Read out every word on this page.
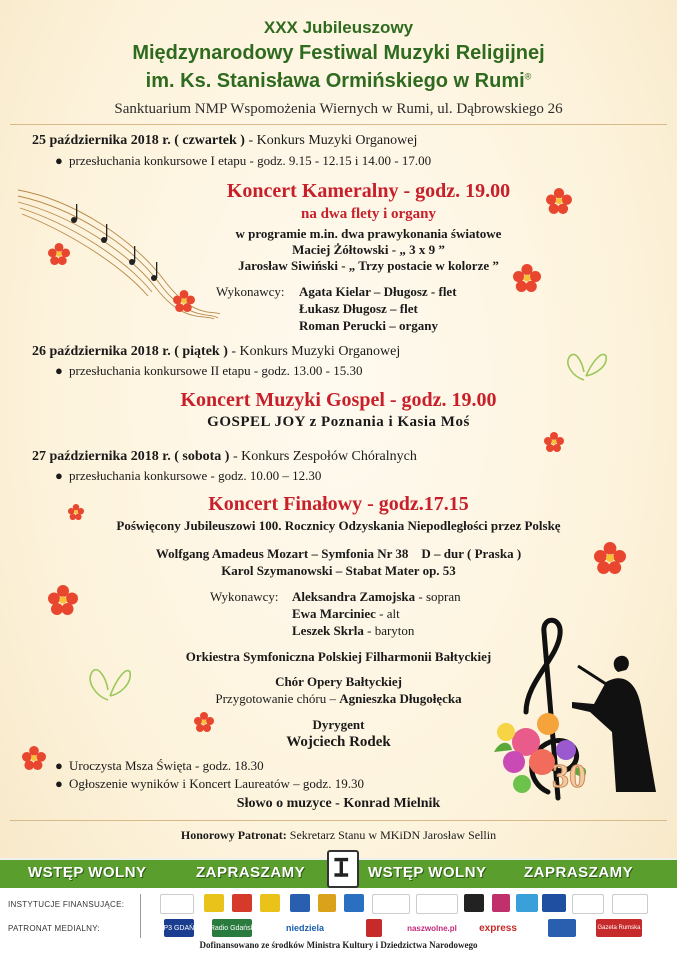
XXX Jubileuszowy
Międzynarodowy Festiwal Muzyki Religijnej
im. Ks. Stanisława Ormińskiego w Rumi®
Sanktuarium NMP Wspomożenia Wiernych w Rumi, ul. Dąbrowskiego 26
25 października 2018 r. ( czwartek ) - Konkurs Muzyki Organowej
● przesłuchania konkursowe I etapu - godz. 9.15 - 12.15 i 14.00 - 17.00
Koncert Kameralny - godz. 19.00
na dwa flety i organy
w programie m.in. dwa prawykonania światowe
Maciej Żółtowski - „ 3 x 9 ”
Jarosław Siwiński - „ Trzy postacie w kolorze ”
Wykonawcy: Agata Kielar – Długosz - flet
Łukasz Długosz – flet
Roman Perucki – organy
26 października 2018 r. ( piątek ) - Konkurs Muzyki Organowej
● przesłuchania konkursowe II etapu - godz. 13.00 - 15.30
Koncert Muzyki Gospel - godz. 19.00
GOSPEL JOY z Poznania i Kasia Moś
27 października 2018 r. ( sobota ) - Konkurs Zespołów Chóralnych
● przesłuchania konkursowe - godz. 10.00 – 12.30
Koncert Finałowy - godz.17.15
Poświęcony Jubileuszowi 100. Rocznicy Odzyskania Niepodległości przez Polskę
Wolfgang Amadeus Mozart – Symfonia Nr 38    D – dur ( Praska )
Karol Szymanowski – Stabat Mater op. 53
Wykonawcy: Aleksandra Zamojska - sopran
Ewa Marciniec - alt
Leszek Skrla - baryton
Orkiestra Symfoniczna Polskiej Filharmonii Bałtyckiej
Chór Opery Bałtyckiej
Przygotowanie chóru – Agnieszka Długołęcka
Dyrygent
Wojciech Rodek
● Uroczysta Msza Święta - godz. 18.30
● Ogłoszenie wyników i Koncert Laureatów – godz. 19.30
Słowo o muzyce - Konrad Mielnik
Honorowy Patronat: Sekretarz Stanu w MKiDN Jarosław Sellin
30
WSTĘP WOLNY	ZAPRASZAMY	WSTĘP WOLNY ZAPRASZAMY
INSTYTUCJE FINANSUJĄCE:
PATRONAT MEDIALNY:	TVP3 GDAŃSK Radio Gdańsk	niedziela	naszwolne.pl	express	Gazeta Rumska
Dofinansowano ze środków Ministra Kultury i Dziedzictwa Narodowego
